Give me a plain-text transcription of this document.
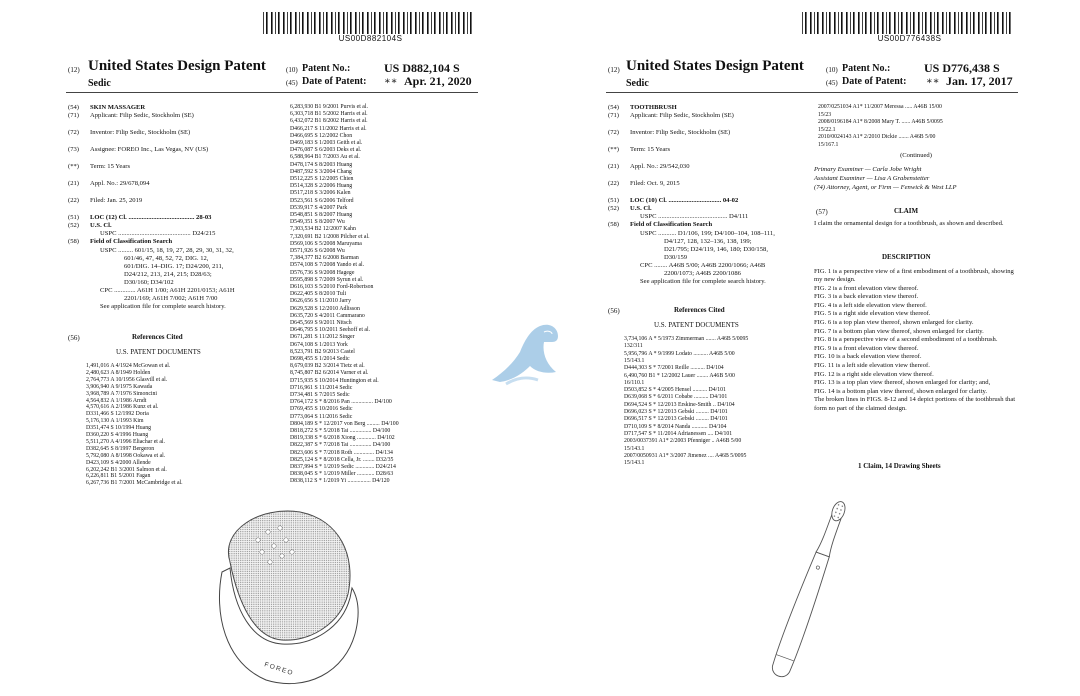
US00D882104S
(12) United States Design Patent
Sedic
(10) Patent No.:	US D882,104 S
(45) Date of Patent: ∗∗ Apr. 21, 2020
(54) SKIN MASSAGER
(71) Applicant: Filip Sedic, Stockholm (SE)
(72) Inventor: Filip Sedic, Stockholm (SE)
(73) Assignee: FOREO Inc., Las Vegas, NV (US)
(**) Term: 15 Years
(21) Appl. No.: 29/678,094
(22) Filed: Jan. 25, 2019
(51) LOC (12) Cl. ........................................ 28-03
(52) U.S. Cl.
USPC ............................................ D24/215
(58) Field of Classification Search
USPC ......... 601/15, 18, 19, 27, 28, 29, 30, 31, 32,
601/46, 47, 48, 52, 72, DIG. 12,
601/DIG. 14–DIG. 17; D24/200, 211,
D24/212, 213, 214, 215; D28/63;
D30/160; D34/102
CPC ............. A61H 1/00; A61H 2201/0153; A61H
2201/169; A61H 7/002; A61H 7/00
See application file for complete search history.
(56)	References Cited
U.S. PATENT DOCUMENTS
1,491,016 A 4/1924 McGowan et al.
2,480,623 A 8/1949 Holden
2,764,773 A 10/1956 Glasvill et al.
3,906,940 A 9/1975 Kawada
3,968,789 A 7/1976 Simoncini
4,564,832 A 1/1986 Arndt
4,570,616 A 2/1986 Kunz et al.
D331,466 S 12/1992 Doria
5,176,130 A 1/1993 Kim
D351,474 S 10/1994 Huang
D360,220 S 4/1996 Huang
5,511,270 A 4/1996 Eliachar et al.
D382,645 S 8/1997 Bergeron
5,792,080 A 8/1998 Ookawa et al.
D423,109 S 4/2000 Allende
6,202,242 B1 3/2001 Salmon et al.
6,226,811 B1 5/2001 Fagan
6,267,736 B1 7/2001 McCambridge et al.
6,283,930 B1 9/2001 Purvis et al.
6,303,718 B1 5/2002 Harris et al.
6,432,072 B1 8/2002 Harris et al.
D466,217 S 11/2002 Harris et al.
D466,695 S 12/2002 Chon
D469,183 S 1/2003 Geith et al.
D476,087 S 6/2003 Deks et al.
6,588,964 B1 7/2003 Au et al.
D478,174 S 8/2003 Huang
D487,592 S 3/2004 Chang
D512,225 S 12/2005 Chien
D514,328 S 2/2006 Huang
D517,218 S 3/2006 Kalen
D523,561 S 6/2006 Telford
D539,917 S 4/2007 Park
D548,851 S 8/2007 Huang
D549,351 S 8/2007 Wu
7,303,534 B2 12/2007 Kahn
7,320,691 B2 1/2008 Pilcher et al.
D569,106 S 5/2008 Maruyama
D571,926 S 6/2008 Wu
7,384,377 B2 6/2008 Barman
D574,108 S 7/2008 Yando et al.
D576,736 S 9/2008 Hagege
D595,898 S 7/2009 Syrun et al.
D616,103 S 5/2010 Ford-Robertson
D622,405 S 8/2010 Tuli
D626,656 S 11/2010 Jarry
D629,528 S 12/2010 Adlisson
D635,720 S 4/2011 Cammarano
D645,569 S 9/2011 Nitsch
D646,795 S 10/2011 Seehoff et al.
D671,281 S 11/2012 Singer
D674,108 S 1/2013 York
8,523,791 B2 9/2013 Castel
D698,455 S 1/2014 Sedic
8,679,039 B2 3/2014 Tietz et al.
8,745,807 B2 6/2014 Varner et al.
D715,935 S 10/2014 Huntington et al.
D716,961 S 11/2014 Sedic
D734,481 S 7/2015 Sedic
D764,172 S * 8/2016 Pan ............... D4/100
D769,455 S 10/2016 Sedic
D773,064 S 11/2016 Sedic
D804,189 S * 12/2017 von Berg ......... D4/100
D818,272 S * 5/2018 Tai ............... D4/100
D819,338 S * 6/2018 Xiong ............. D4/102
D822,387 S * 7/2018 Tai ............... D4/100
D823,606 S * 7/2018 Roth .............. D4/134
D825,124 S * 8/2018 Cella, Jr. ........ D32/35
D837,994 S * 1/2019 Sedic ............. D24/214
D838,045 S * 1/2019 Miller ............ D28/63
D838,112 S * 1/2019 Yi ................ D4/120
FOREO
US00D776438S
(12) United States Design Patent
Sedic
(10) Patent No.:	US D776,438 S
(45) Date of Patent: ∗∗ Jan. 17, 2017
(54) TOOTHBRUSH
(71) Applicant: Filip Sedic, Stockholm (SE)
(72) Inventor: Filip Sedic, Stockholm (SE)
(**) Term: 15 Years
(21) Appl. No.: 29/542,030
(22) Filed: Oct. 9, 2015
(51) LOC (10) Cl. ................................ 04-02
(52) U.S. Cl.
USPC .......................................... D4/111
(58) Field of Classification Search
USPC ........... D1/106, 199; D4/100–104, 108–111,
D4/127, 128, 132–136, 138, 199;
D21/795; D24/119, 146, 180; D30/158,
D30/159
CPC ........ A46B 5/00; A46B 2200/1066; A46B
2200/1073; A46B 2200/1086
See application file for complete search history.
(56)	References Cited
U.S. PATENT DOCUMENTS
3,734,106 A * 5/1973 Zimmerman ....... A46B 5/0095
132/311
5,956,796 A * 9/1999 Lodato .......... A46B 5/00
15/143.1
D444,303 S * 7/2001 Reille .......... D4/104
6,490,760 B1 * 12/2002 Lauer ........ A46B 5/00
16/110.1
D503,852 S * 4/2005 Hensel .......... D4/101
D639,068 S * 6/2011 Cobabe .......... D4/101
D694,524 S * 12/2013 Erskine-Smith .. D4/104
D696,023 S * 12/2013 Gebski ......... D4/101
D696,517 S * 12/2013 Gebski ......... D4/101
D710,109 S * 8/2014 Nanda ........... D4/104
D717,547 S * 11/2014 Adrianessen .... D4/101
2003/0037391 A1* 2/2003 Pfenniger .. A46B 5/00
15/143.1
2007/0050931 A1* 3/2007 Jimenez .... A46B 5/0095
15/143.1
2007/0251034 A1* 11/2007 Meressa ..... A46B 15/00
15/23
2008/0196184 A1* 8/2008 Mary T. ...... A46B 5/0095
15/22.1
2010/0024143 A1* 2/2010 Dickie ....... A46B 5/00
15/167.1
(Continued)
Primary Examiner — Carla Jobe Wright
Assistant Examiner — Lisa A Grabenstetter
(74) Attorney, Agent, or Firm — Fenwick & West LLP
(57)	CLAIM
I claim the ornamental design for a toothbrush, as shown and described.
DESCRIPTION
FIG. 1 is a perspective view of a first embodiment of a toothbrush, showing my new design.
FIG. 2 is a front elevation view thereof.
FIG. 3 is a back elevation view thereof.
FIG. 4 is a left side elevation view thereof.
FIG. 5 is a right side elevation view thereof.
FIG. 6 is a top plan view thereof, shown enlarged for clarity.
FIG. 7 is a bottom plan view thereof, shown enlarged for clarity.
FIG. 8 is a perspective view of a second embodiment of a toothbrush.
FIG. 9 is a front elevation view thereof.
FIG. 10 is a back elevation view thereof.
FIG. 11 is a left side elevation view thereof.
FIG. 12 is a right side elevation view thereof.
FIG. 13 is a top plan view thereof, shown enlarged for clarity; and,
FIG. 14 is a bottom plan view thereof, shown enlarged for clarity.
The broken lines in FIGS. 8-12 and 14 depict portions of the toothbrush that form no part of the claimed design.
1 Claim, 14 Drawing Sheets
